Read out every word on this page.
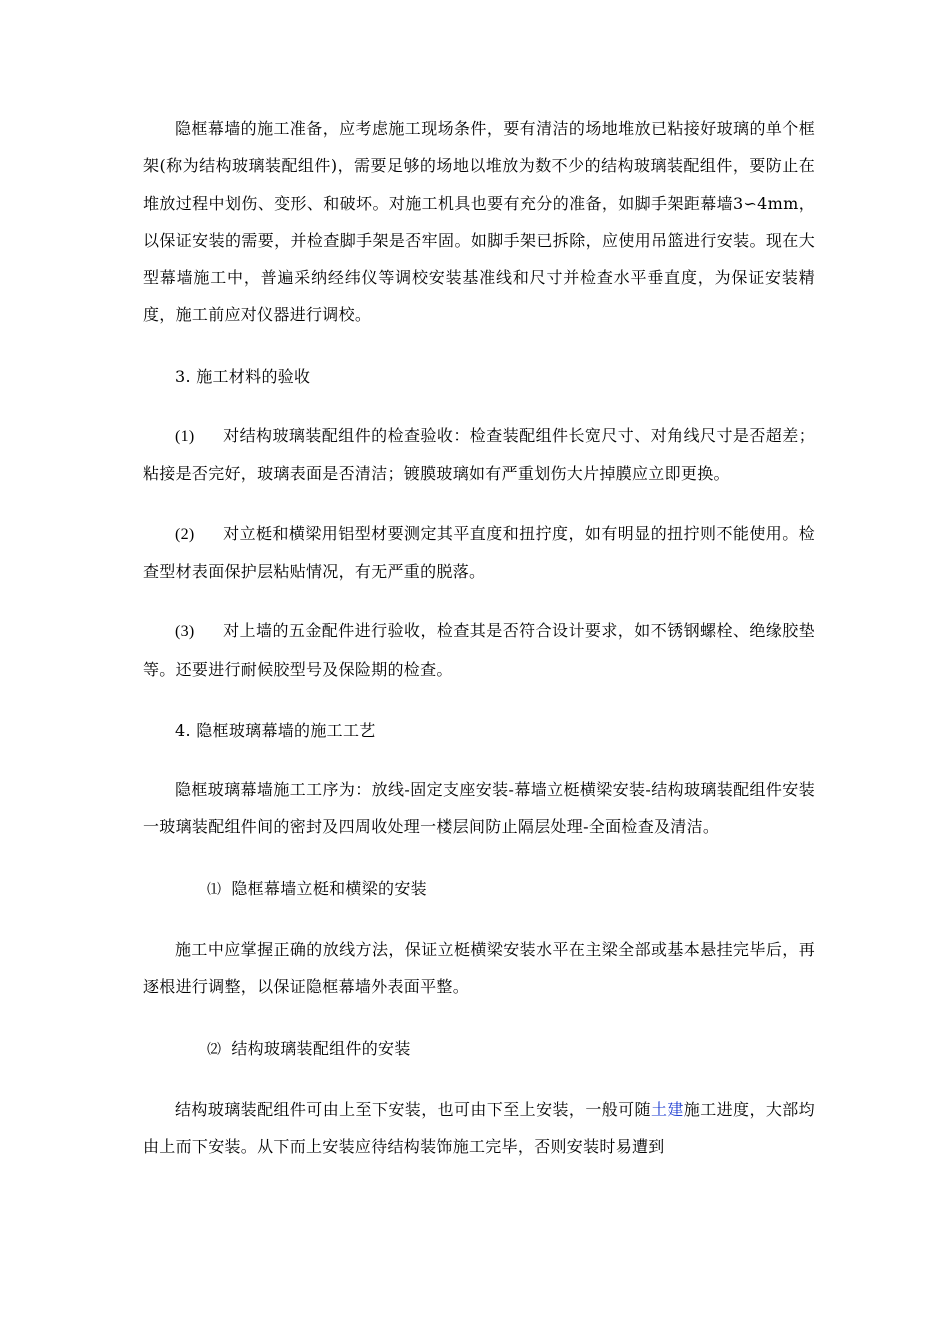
隐框幕墙的施工准备，应考虑施工现场条件，要有清洁的场地堆放已粘接好玻璃的单个框架(称为结构玻璃装配组件)，需要足够的场地以堆放为数不少的结构玻璃装配组件，要防止在堆放过程中划伤、变形、和破坏。对施工机具也要有充分的准备，如脚手架距幕墙3∽4mm，以保证安装的需要，并检查脚手架是否牢固。如脚手架已拆除，应使用吊篮进行安装。现在大型幕墙施工中，普遍采纳经纬仪等调校安装基准线和尺寸并检查水平垂直度，为保证安装精度，施工前应对仪器进行调校。

3. 施工材料的验收

(1) 对结构玻璃装配组件的检查验收：检查装配组件长宽尺寸、对角线尺寸是否超差；粘接是否完好，玻璃表面是否清洁；镀膜玻璃如有严重划伤大片掉膜应立即更换。

(2) 对立梃和横梁用铝型材要测定其平直度和扭拧度，如有明显的扭拧则不能使用。检查型材表面保护层粘贴情况，有无严重的脱落。

(3) 对上墙的五金配件进行验收，检查其是否符合设计要求，如不锈钢螺栓、绝缘胶垫等。还要进行耐候胶型号及保险期的检查。

4. 隐框玻璃幕墙的施工工艺

隐框玻璃幕墙施工工序为：放线-固定支座安装-幕墙立梃横梁安装-结构玻璃装配组件安装一玻璃装配组件间的密封及四周收处理一楼层间防止隔层处理-全面检查及清洁。

⑴ 隐框幕墙立梃和横梁的安装

施工中应掌握正确的放线方法，保证立梃横梁安装水平在主梁全部或基本悬挂完毕后，再逐根进行调整，以保证隐框幕墙外表面平整。

⑵ 结构玻璃装配组件的安装

结构玻璃装配组件可由上至下安装，也可由下至上安装，一般可随土建施工进度，大部均由上而下安装。从下而上安装应待结构装饰施工完毕，否则安装时易遭到
